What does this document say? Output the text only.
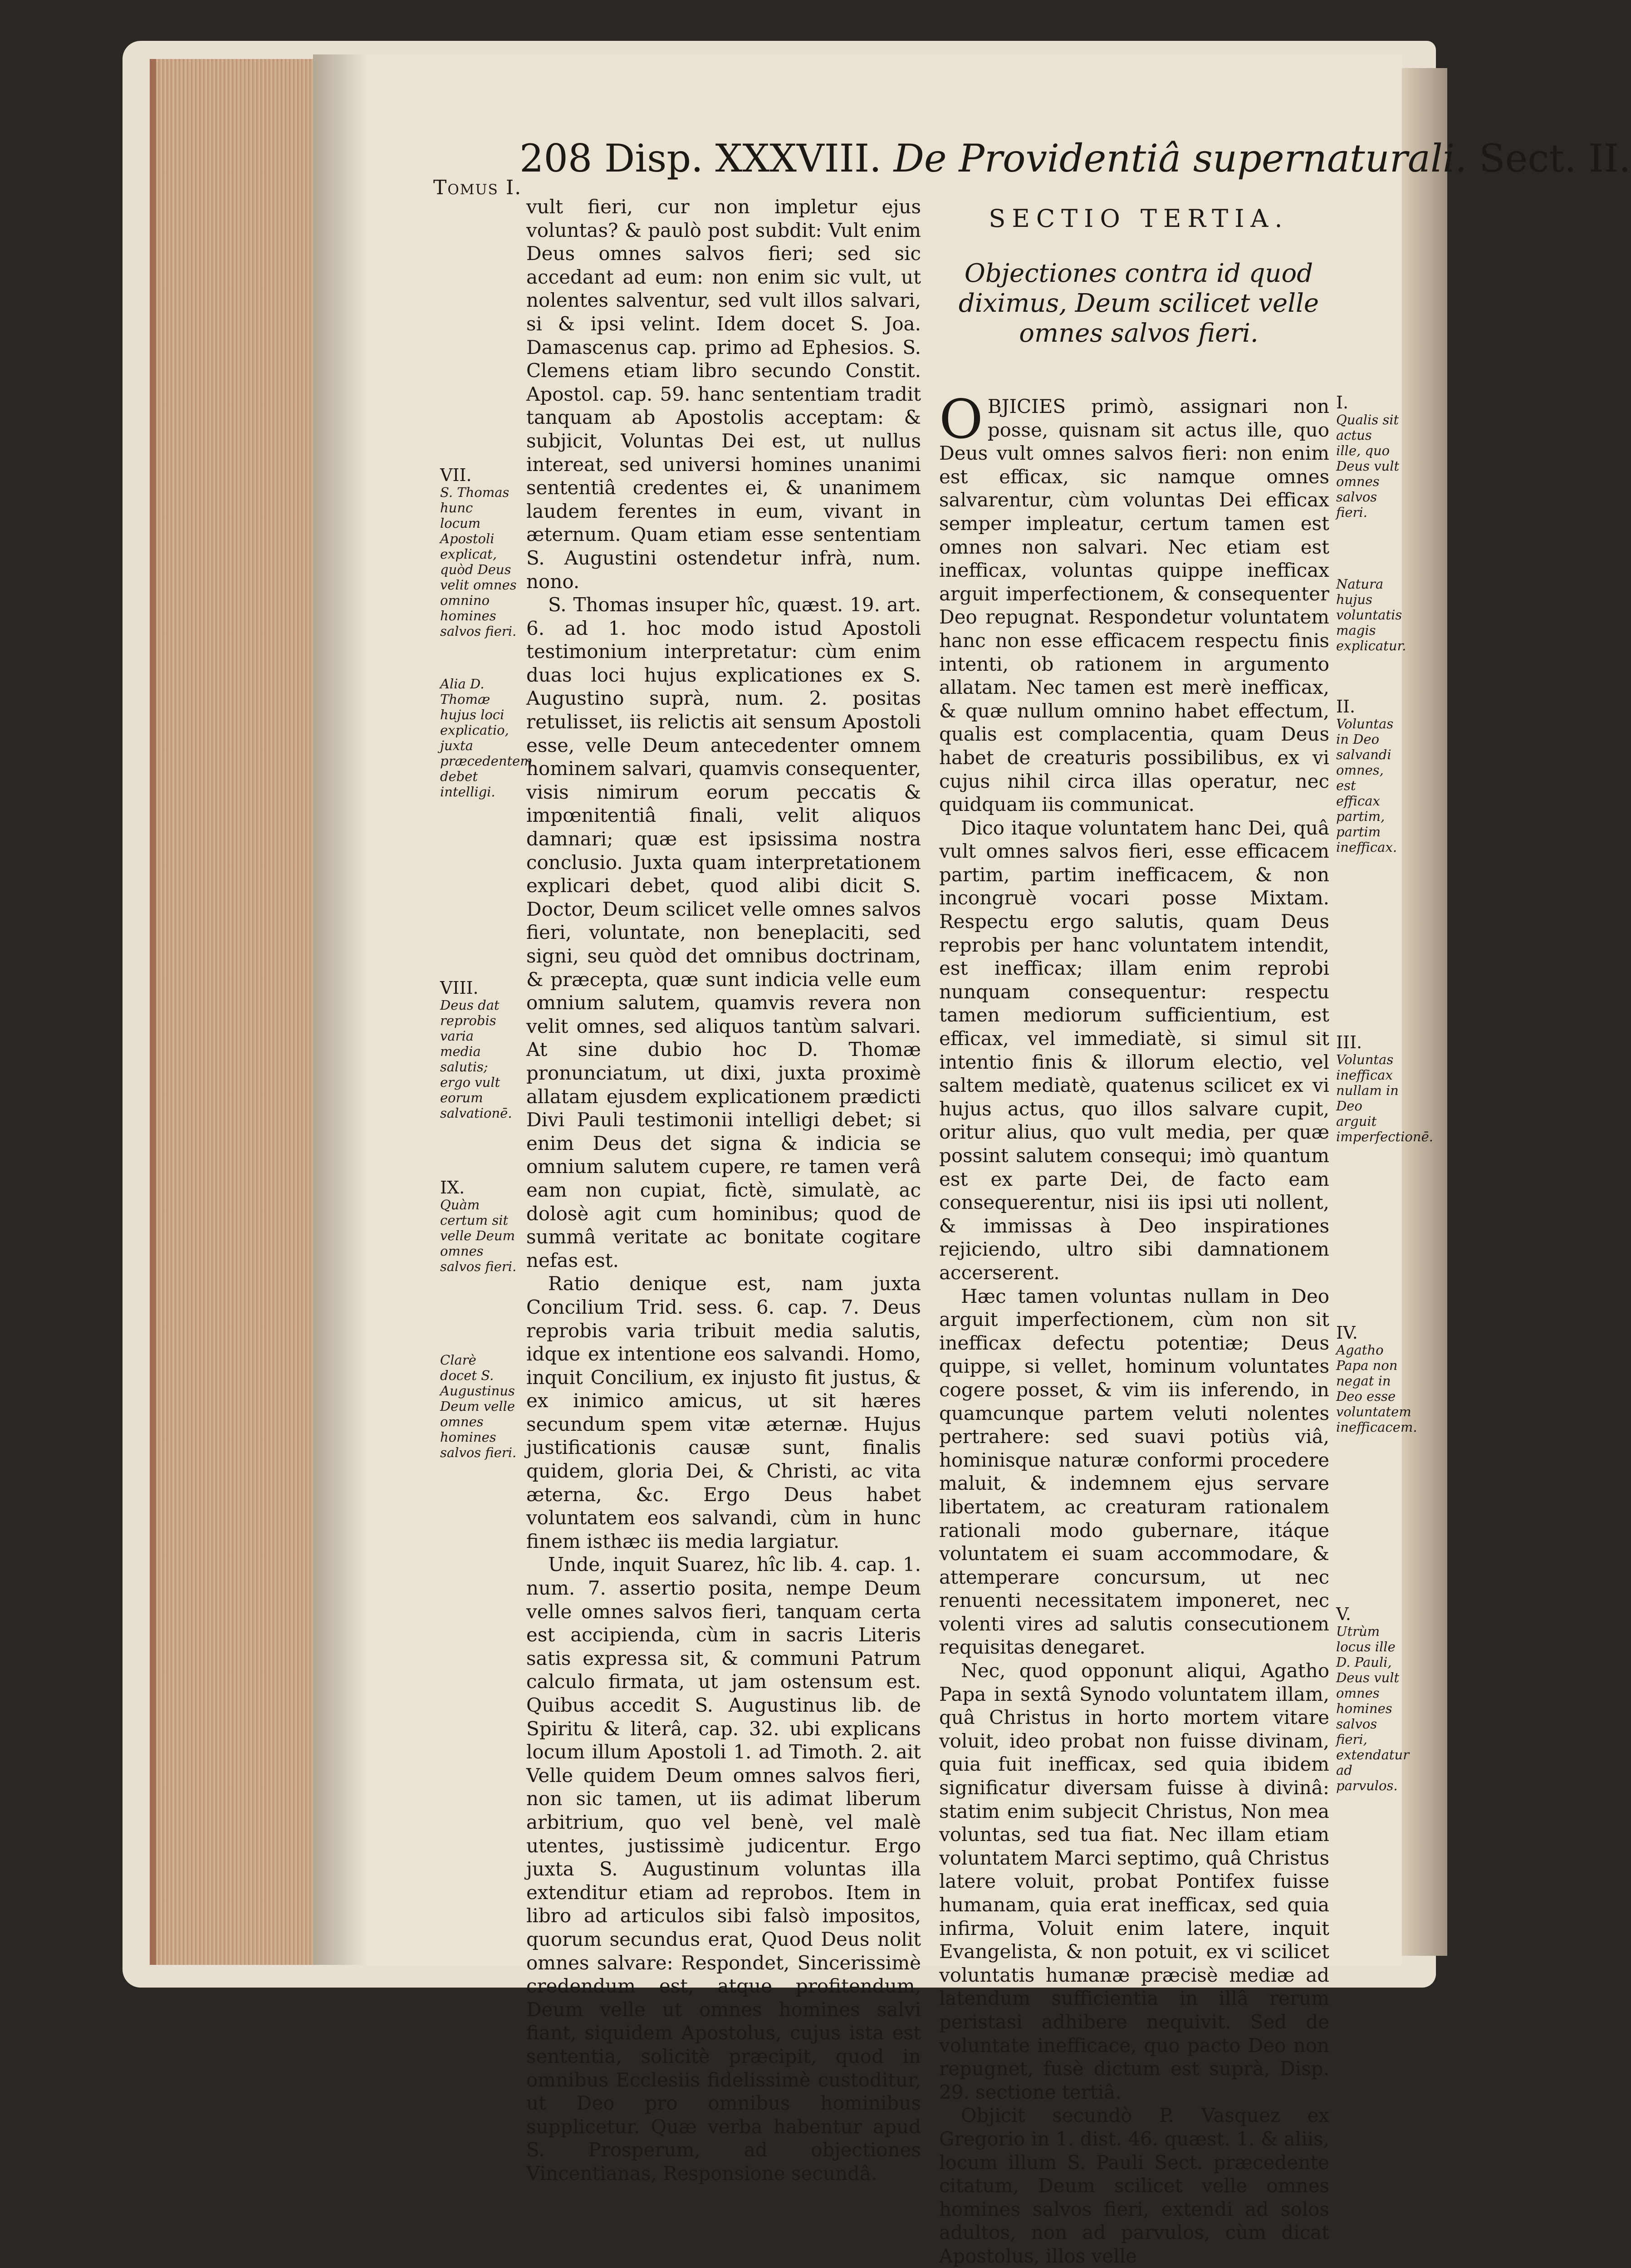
Tomus I.
208 Disp. XXXVIII. De Providentiâ supernaturali. Sect. II.

vult fieri, cur non impletur ejus voluntas? & paulò post subdit: Vult enim Deus omnes salvos fieri; sed sic accedant ad eum: non enim sic vult, ut nolentes salventur, sed vult illos salvari, si & ipsi velint. Idem docet S. Joa. Damascenus cap. primo ad Ephesios. S. Clemens etiam libro secundo Constit. Apostol. cap. 59. hanc sententiam tradit tanquam ab Apostolis acceptam: & subjicit, Voluntas Dei est, ut nullus intereat, sed universi homines unanimi sententiâ credentes ei, & unanimem laudem ferentes in eum, vivant in æternum. Quam etiam esse sententiam S. Augustini ostendetur infrà, num. nono.

S. Thomas insuper hîc, quæst. 19. art. 6. ad 1. hoc modo istud Apostoli testimonium interpretatur: cùm enim duas loci hujus explicationes ex S. Augustino suprà, num. 2. positas retulisset, iis relictis ait sensum Apostoli esse, velle Deum antecedenter omnem hominem salvari, quamvis consequenter, visis nimirum eorum peccatis & impœnitentiâ finali, velit aliquos damnari; quæ est ipsissima nostra conclusio. Juxta quam interpretationem explicari debet, quod alibi dicit S. Doctor, Deum scilicet velle omnes salvos fieri, voluntate, non beneplaciti, sed signi, seu quòd det omnibus doctrinam, & præcepta, quæ sunt indicia velle eum omnium salutem, quamvis revera non velit omnes, sed aliquos tantùm salvari. At sine dubio hoc D. Thomæ pronunciatum, ut dixi, juxta proximè allatam ejusdem explicationem prædicti Divi Pauli testimonii intelligi debet; si enim Deus det signa & indicia se omnium salutem cupere, re tamen verâ eam non cupiat, fictè, simulatè, ac dolosè agit cum hominibus; quod de summâ veritate ac bonitate cogitare nefas est.

Ratio denique est, nam juxta Concilium Trid. sess. 6. cap. 7. Deus reprobis varia tribuit media salutis, idque ex intentione eos salvandi. Homo, inquit Concilium, ex injusto fit justus, & ex inimico amicus, ut sit hæres secundum spem vitæ æternæ. Hujus justificationis causæ sunt, finalis quidem, gloria Dei, & Christi, ac vita æterna, &c. Ergo Deus habet voluntatem eos salvandi, cùm in hunc finem isthæc iis media largiatur.

Unde, inquit Suarez, hîc lib. 4. cap. 1. num. 7. assertio posita, nempe Deum velle omnes salvos fieri, tanquam certa est accipienda, cùm in sacris Literis satis expressa sit, & communi Patrum calculo firmata, ut jam ostensum est. Quibus accedit S. Augustinus lib. de Spiritu & literâ, cap. 32. ubi explicans locum illum Apostoli 1. ad Timoth. 2. ait Velle quidem Deum omnes salvos fieri, non sic tamen, ut iis adimat liberum arbitrium, quo vel benè, vel malè utentes, justissimè judicentur. Ergo juxta S. Augustinum voluntas illa extenditur etiam ad reprobos. Item in libro ad articulos sibi falsò impositos, quorum secundus erat, Quod Deus nolit omnes salvare: Respondet, Sincerissimè credendum est, atque profitendum, Deum velle ut omnes homines salvi fiant, siquidem Apostolus, cujus ista est sententia, solicitè præcipit, quod in omnibus Ecclesiis fidelissimè custoditur, ut Deo pro omnibus hominibus supplicetur. Quæ verba habentur apud S. Prosperum, ad objectiones Vincentianas, Responsione secundâ.

VII.
S. Thomas hunc locum Apostoli explicat, quòd Deus velit omnes omnino homines salvos fieri.
Alia D. Thomæ hujus loci explicatio, juxta præcedentem debet intelligi.
VIII.
Deus dat reprobis varia media salutis; ergo vult eorum salvationē.
IX.
Quàm certum sit velle Deum omnes salvos fieri.
Clarè docet S. Augustinus Deum velle omnes homines salvos fieri.
SECTIO TERTIA.
Objectiones contra id quod diximus, Deum scilicet velle omnes salvos fieri.

OBJICIES primò, assignari non posse, quisnam sit actus ille, quo Deus vult omnes salvos fieri: non enim est efficax, sic namque omnes salvarentur, cùm voluntas Dei efficax semper impleatur, certum tamen est omnes non salvari. Nec etiam est inefficax, voluntas quippe inefficax arguit imperfectionem, & consequenter Deo repugnat. Respondetur voluntatem hanc non esse efficacem respectu finis intenti, ob rationem in argumento allatam. Nec tamen est merè inefficax, & quæ nullum omnino habet effectum, qualis est complacentia, quam Deus habet de creaturis possibilibus, ex vi cujus nihil circa illas operatur, nec quidquam iis communicat.

Dico itaque voluntatem hanc Dei, quâ vult omnes salvos fieri, esse efficacem partim, partim inefficacem, & non incongruè vocari posse Mixtam. Respectu ergo salutis, quam Deus reprobis per hanc voluntatem intendit, est inefficax; illam enim reprobi nunquam consequentur: respectu tamen mediorum sufficientium, est efficax, vel immediatè, si simul sit intentio finis & illorum electio, vel saltem mediatè, quatenus scilicet ex vi hujus actus, quo illos salvare cupit, oritur alius, quo vult media, per quæ possint salutem consequi; imò quantum est ex parte Dei, de facto eam consequerentur, nisi iis ipsi uti nollent, & immissas à Deo inspirationes rejiciendo, ultro sibi damnationem accerserent.

Hæc tamen voluntas nullam in Deo arguit imperfectionem, cùm non sit inefficax defectu potentiæ; Deus quippe, si vellet, hominum voluntates cogere posset, & vim iis inferendo, in quamcunque partem veluti nolentes pertrahere: sed suavi potiùs viâ, hominisque naturæ conformi procedere maluit, & indemnem ejus servare libertatem, ac creaturam rationalem rationali modo gubernare, itáque voluntatem ei suam accommodare, & attemperare concursum, ut nec renuenti necessitatem imponeret, nec volenti vires ad salutis consecutionem requisitas denegaret.

Nec, quod opponunt aliqui, Agatho Papa in sextâ Synodo voluntatem illam, quâ Christus in horto mortem vitare voluit, ideo probat non fuisse divinam, quia fuit inefficax, sed quia ibidem significatur diversam fuisse à divinâ: statim enim subjecit Christus, Non mea voluntas, sed tua fiat. Nec illam etiam voluntatem Marci septimo, quâ Christus latere voluit, probat Pontifex fuisse humanam, quia erat inefficax, sed quia infirma, Voluit enim latere, inquit Evangelista, & non potuit, ex vi scilicet voluntatis humanæ præcisè mediæ ad latendum sufficientia in illâ rerum peristasi adhibere nequivit. Sed de voluntate inefficace, quo pacto Deo non repugnet, fusè dictum est suprà, Disp. 29. sectione tertiâ.

Objicit secundò P. Vasquez ex Gregorio in 1. dist. 46. quæst. 1. & aliis, locum illum S. Pauli Sect. præcedente citatum, Deum scilicet velle omnes homines salvos fieri, extendi ad solos adultos, non ad parvulos, cùm dicat Apostolus, illos velle

I.
Qualis sit actus ille, quo Deus vult omnes salvos fieri.
Natura hujus voluntatis magis explicatur.
II.
Voluntas in Deo salvandi omnes, est efficax partim, partim inefficax.
III.
Voluntas inefficax nullam in Deo arguit imperfectionē.
IV.
Agatho Papa non negat in Deo esse voluntatem inefficacem.
V.
Utrùm locus ille D. Pauli, Deus vult omnes homines salvos fieri, extendatur ad parvulos.
